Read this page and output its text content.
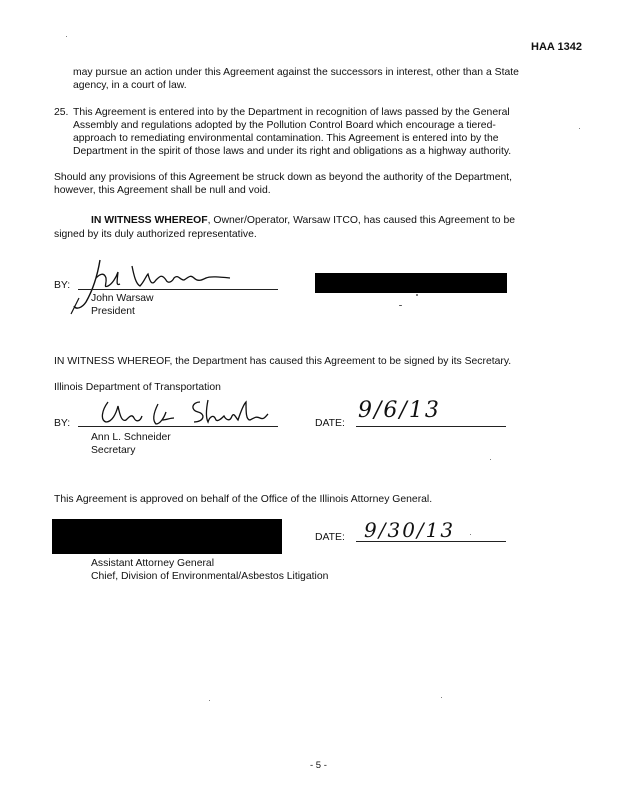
HAA 1342
may pursue an action under this Agreement against the successors in interest, other than a State
agency, in a court of law.
25. This Agreement is entered into by the Department in recognition of laws passed by the General
Assembly and regulations adopted by the Pollution Control Board which encourage a tiered-
approach to remediating environmental contamination. This Agreement is entered into by the
Department in the spirit of those laws and under its right and obligations as a highway authority.
Should any provisions of this Agreement be struck down as beyond the authority of the Department,
however, this Agreement shall be null and void.
IN WITNESS WHEREOF, Owner/Operator, Warsaw ITCO, has caused this Agreement to be
signed by its duly authorized representative.
BY:
John Warsaw
President
IN WITNESS WHEREOF, the Department has caused this Agreement to be signed by its Secretary.
Illinois Department of Transportation
BY:
Ann L. Schneider
Secretary
DATE:
9/6/13
This Agreement is approved on behalf of the Office of the Illinois Attorney General.
DATE: 9/30/13
Assistant Attorney General
Chief, Division of Environmental/Asbestos Litigation
- 5 -
